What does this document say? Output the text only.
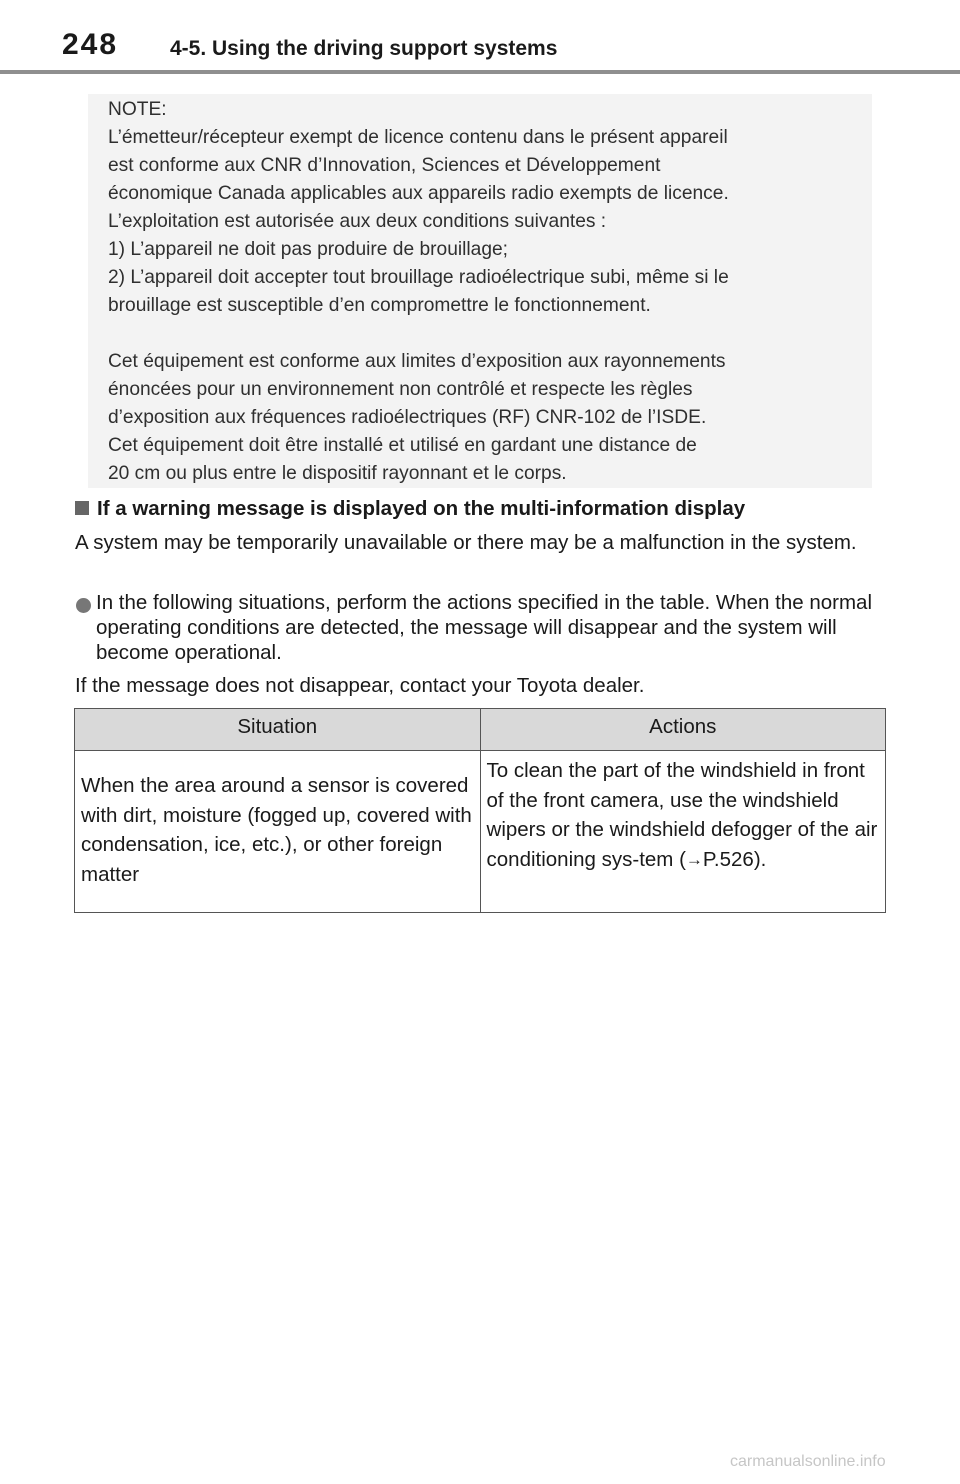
248 4-5. Using the driving support systems

NOTE:

L’émetteur/récepteur exempt de licence contenu dans le présent appareil

est conforme aux CNR d’Innovation, Sciences et Développement

économique Canada applicables aux appareils radio exempts de licence.

L’exploitation est autorisée aux deux conditions suivantes :

1) L’appareil ne doit pas produire de brouillage;

2) L’appareil doit accepter tout brouillage radioélectrique subi, même si le

brouillage est susceptible d’en compromettre le fonctionnement.

Cet équipement est conforme aux limites d’exposition aux rayonnements

énoncées pour un environnement non contrôlé et respecte les règles

d’exposition aux fréquences radioélectriques (RF) CNR-102 de l’ISDE.

Cet équipement doit être installé et utilisé en gardant une distance de

20 cm ou plus entre le dispositif rayonnant et le corps.

If a warning message is displayed on the multi-information display
A system may be temporarily unavailable or there may be a malfunction in the system.
In the following situations, perform the actions specified in the table. When the normal operating conditions are detected, the message will disappear and the system will become operational.
If the message does not disappear, contact your Toyota dealer.
Situation	Actions
When the area around a sensor is covered with dirt, moisture (fogged up, covered with condensation, ice, etc.), or other foreign matter	To clean the part of the windshield in front of the front camera, use the windshield wipers or the windshield defogger of the air conditioning sys-tem (→P.526).
carmanualsonline.info
